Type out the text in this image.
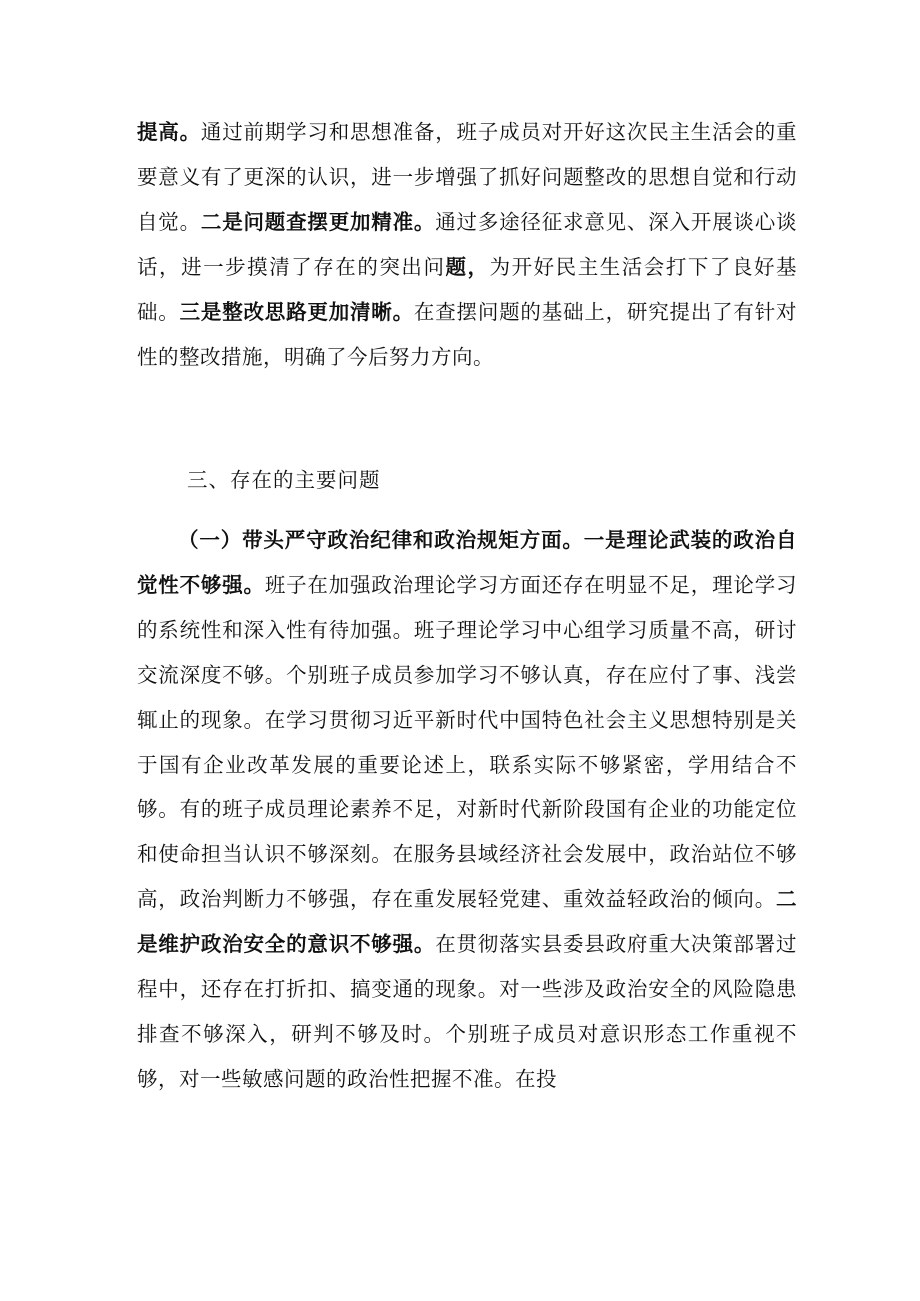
提高。通过前期学习和思想准备，班子成员对开好这次民主生活会的重要意义有了更深的认识，进一步增强了抓好问题整改的思想自觉和行动自觉。二是问题查摆更加精准。通过多途径征求意见、深入开展谈心谈话，进一步摸清了存在的突出问题，为开好民主生活会打下了良好基础。三是整改思路更加清晰。在查摆问题的基础上，研究提出了有针对性的整改措施，明确了今后努力方向。

三、存在的主要问题

（一）带头严守政治纪律和政治规矩方面。一是理论武装的政治自觉性不够强。班子在加强政治理论学习方面还存在明显不足，理论学习的系统性和深入性有待加强。班子理论学习中心组学习质量不高，研讨交流深度不够。个别班子成员参加学习不够认真，存在应付了事、浅尝辄止的现象。在学习贯彻习近平新时代中国特色社会主义思想特别是关于国有企业改革发展的重要论述上，联系实际不够紧密，学用结合不够。有的班子成员理论素养不足，对新时代新阶段国有企业的功能定位和使命担当认识不够深刻。在服务县域经济社会发展中，政治站位不够高，政治判断力不够强，存在重发展轻党建、重效益轻政治的倾向。二是维护政治安全的意识不够强。在贯彻落实县委县政府重大决策部署过程中，还存在打折扣、搞变通的现象。对一些涉及政治安全的风险隐患排查不够深入，研判不够及时。个别班子成员对意识形态工作重视不够，对一些敏感问题的政治性把握不准。在投
